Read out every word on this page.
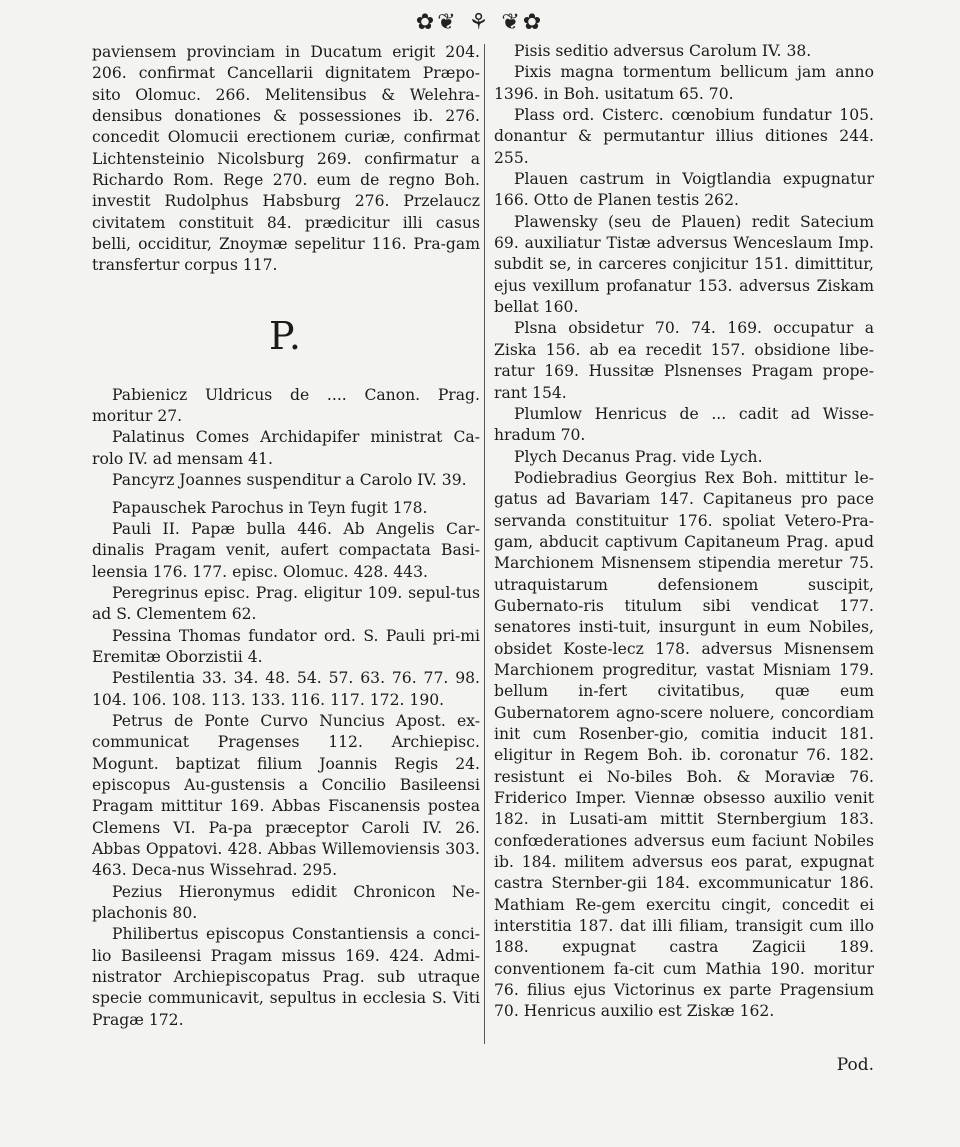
✿❦ ⚘ ❦✿
paviensem provinciam in Ducatum erigit 204. 206. confirmat Cancellarii dignitatem Præpo-sito Olomuc. 266. Melitensibus & Welehra-densibus donationes & possessiones ib. 276. concedit Olomucii erectionem curiæ, confirmat Lichtensteinio Nicolsburg 269. confirmatur a Richardo Rom. Rege 270. eum de regno Boh. investit Rudolphus Habsburg 276. Przelaucz civitatem constituit 84. prædicitur illi casus belli, occiditur, Znoymæ sepelitur 116. Pra-gam transfertur corpus 117.
P.
Pabienicz Uldricus de .... Canon. Prag. moritur 27.
Palatinus Comes Archidapifer ministrat Ca-rolo IV. ad mensam 41.
Pancyrz Joannes suspenditur a Carolo IV. 39.
Papauschek Parochus in Teyn fugit 178.
Pauli II. Papæ bulla 446. Ab Angelis Car-dinalis Pragam venit, aufert compactata Basi-leensia 176. 177. episc. Olomuc. 428. 443.
Peregrinus episc. Prag. eligitur 109. sepul-tus ad S. Clementem 62.
Pessina Thomas fundator ord. S. Pauli pri-mi Eremitæ Oborzistii 4.
Pestilentia 33. 34. 48. 54. 57. 63. 76. 77. 98. 104. 106. 108. 113. 133. 116. 117. 172. 190.
Petrus de Ponte Curvo Nuncius Apost. ex-communicat Pragenses 112. Archiepisc. Mogunt. baptizat filium Joannis Regis 24. episcopus Au-gustensis a Concilio Basileensi Pragam mittitur 169. Abbas Fiscanensis postea Clemens VI. Pa-pa præceptor Caroli IV. 26. Abbas Oppatovi. 428. Abbas Willemoviensis 303. 463. Deca-nus Wissehrad. 295.
Pezius Hieronymus edidit Chronicon Ne-plachonis 80.
Philibertus episcopus Constantiensis a conci-lio Basileensi Pragam missus 169. 424. Admi-nistrator Archiepiscopatus Prag. sub utraque specie communicavit, sepultus in ecclesia S. Viti Pragæ 172.
Pisis seditio adversus Carolum IV. 38.
Pixis magna tormentum bellicum jam anno 1396. in Boh. usitatum 65. 70.
Plass ord. Cisterc. cœnobium fundatur 105. donantur & permutantur illius ditiones 244. 255.
Plauen castrum in Voigtlandia expugnatur 166. Otto de Planen testis 262.
Plawensky (seu de Plauen) redit Satecium 69. auxiliatur Tistæ adversus Wenceslaum Imp. subdit se, in carceres conjicitur 151. dimittitur, ejus vexillum profanatur 153. adversus Ziskam bellat 160.
Plsna obsidetur 70. 74. 169. occupatur a Ziska 156. ab ea recedit 157. obsidione libe-ratur 169. Hussitæ Plsnenses Pragam prope-rant 154.
Plumlow Henricus de ... cadit ad Wisse-hradum 70.
Plych Decanus Prag. vide Lych.
Podiebradius Georgius Rex Boh. mittitur le-gatus ad Bavariam 147. Capitaneus pro pace servanda constituitur 176. spoliat Vetero-Pra-gam, abducit captivum Capitaneum Prag. apud Marchionem Misnensem stipendia meretur 75. utraquistarum defensionem suscipit, Gubernato-ris titulum sibi vendicat 177. senatores insti-tuit, insurgunt in eum Nobiles, obsidet Koste-lecz 178. adversus Misnensem Marchionem progreditur, vastat Misniam 179. bellum in-fert civitatibus, quæ eum Gubernatorem agno-scere noluere, concordiam init cum Rosenber-gio, comitia inducit 181. eligitur in Regem Boh. ib. coronatur 76. 182. resistunt ei No-biles Boh. & Moraviæ 76. Friderico Imper. Viennæ obsesso auxilio venit 182. in Lusati-am mittit Sternbergium 183. confœderationes adversus eum faciunt Nobiles ib. 184. militem adversus eos parat, expugnat castra Sternber-gii 184. excommunicatur 186. Mathiam Re-gem exercitu cingit, concedit ei interstitia 187. dat illi filiam, transigit cum illo 188. expugnat castra Zagicii 189. conventionem fa-cit cum Mathia 190. moritur 76. filius ejus Victorinus ex parte Pragensium 70. Henricus auxilio est Ziskæ 162.
Pod.
